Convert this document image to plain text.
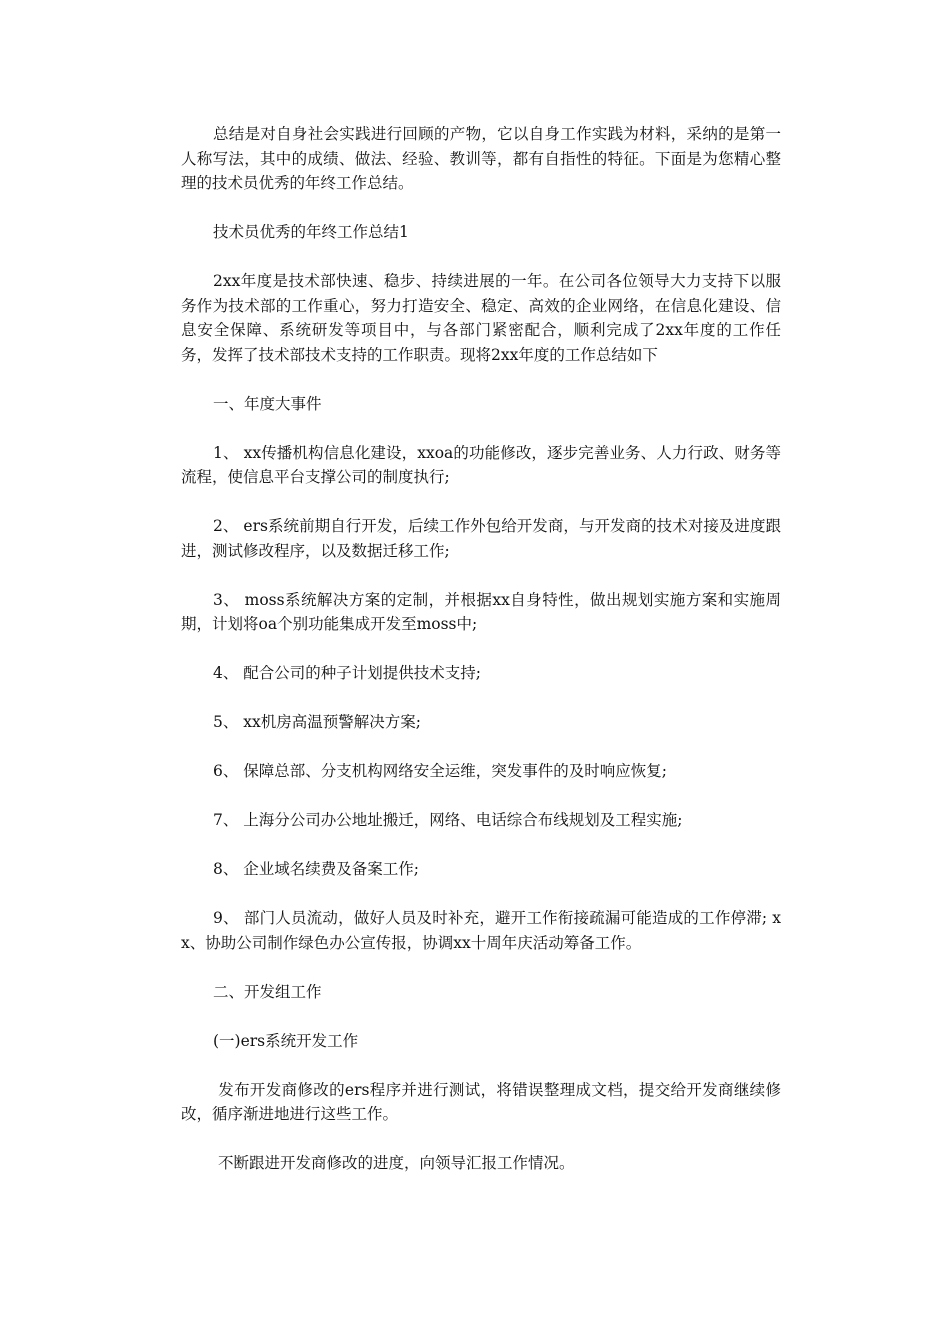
总结是对自身社会实践进行回顾的产物，它以自身工作实践为材料，采纳的是第一人称写法，其中的成绩、做法、经验、教训等，都有自指性的特征。下面是为您精心整理的技术员优秀的年终工作总结。

技术员优秀的年终工作总结1

2xx年度是技术部快速、稳步、持续进展的一年。在公司各位领导大力支持下以服务作为技术部的工作重心，努力打造安全、稳定、高效的企业网络，在信息化建设、信息安全保障、系统研发等项目中，与各部门紧密配合，顺利完成了2xx年度的工作任务，发挥了技术部技术支持的工作职责。现将2xx年度的工作总结如下

一、年度大事件

1、 xx传播机构信息化建设，xxoa的功能修改，逐步完善业务、人力行政、财务等流程，使信息平台支撑公司的制度执行;

2、 ers系统前期自行开发，后续工作外包给开发商，与开发商的技术对接及进度跟进，测试修改程序，以及数据迁移工作;

3、 moss系统解决方案的定制，并根据xx自身特性，做出规划实施方案和实施周期，计划将oa个别功能集成开发至moss中;

4、 配合公司的种子计划提供技术支持;

5、 xx机房高温预警解决方案;

6、 保障总部、分支机构网络安全运维，突发事件的及时响应恢复;

7、 上海分公司办公地址搬迁，网络、电话综合布线规划及工程实施;

8、 企业域名续费及备案工作;

9、 部门人员流动，做好人员及时补充，避开工作衔接疏漏可能造成的工作停滞; xx、协助公司制作绿色办公宣传报，协调xx十周年庆活动筹备工作。

二、开发组工作

(一)ers系统开发工作

发布开发商修改的ers程序并进行测试，将错误整理成文档，提交给开发商继续修改，循序渐进地进行这些工作。

不断跟进开发商修改的进度，向领导汇报工作情况。
